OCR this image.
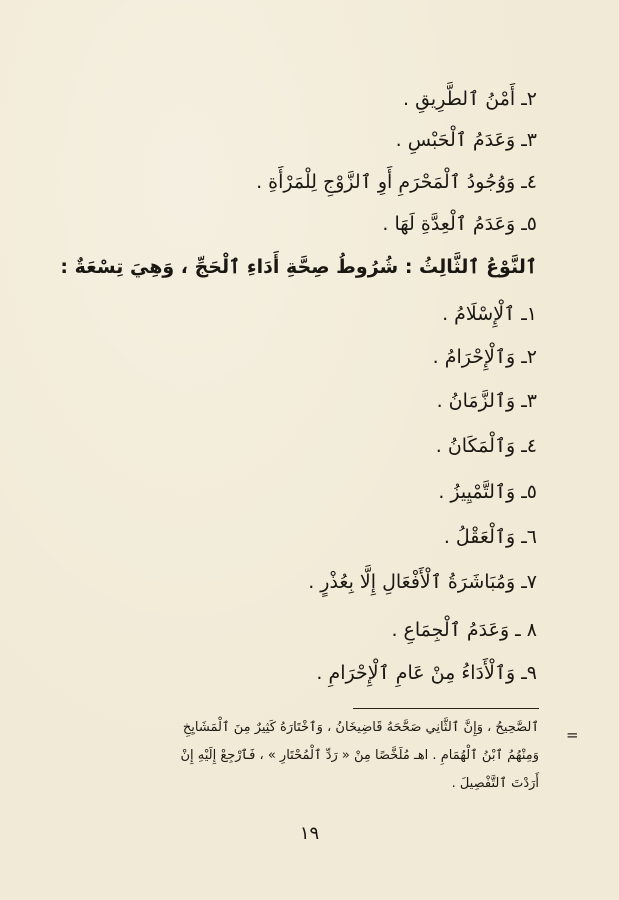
٢ـ أَمْنُ ٱلطَّرِيقِ .
٣ـ وَعَدَمُ ٱلْحَبْسِ .
٤ـ وَوُجُودُ ٱلْمَحْرَمِ أَوِ ٱلزَّوْجِ لِلْمَرْأَةِ .
٥ـ وَعَدَمُ ٱلْعِدَّةِ لَهَا .
ٱلنَّوْعُ ٱلثَّالِثُ : شُرُوطُ صِحَّةِ أَدَاءِ ٱلْحَجِّ ، وَهِيَ تِسْعَةٌ :
١ـ ٱلْإِسْلَامُ .
٢ـ وَٱلْإِحْرَامُ .
٣ـ وَٱلزَّمَانُ .
٤ـ وَٱلْمَكَانُ .
٥ـ وَٱلتَّمْيِيزُ .
٦ـ وَٱلْعَقْلُ .
٧ـ وَمُبَاشَرَةُ ٱلْأَفْعَالِ إِلَّا بِعُذْرٍ .
٨ ـ وَعَدَمُ ٱلْجِمَاعِ .
٩ـ وَٱلْأَدَاءُ مِنْ عَامِ ٱلْإِحْرَامِ .
=
ٱلصَّحِيحُ ، وَإِنَّ ٱلثَّانِي صَحَّحَهُ قَاضِيخَانُ ، وَٱخْتَارَهُ كَثِيرٌ مِنَ ٱلْمَشَايِخِ
وَمِنْهُمُ ٱبْنُ ٱلْهُمَامِ . اهـ مُلَخَّصًا مِنْ « رَدِّ ٱلْمُحْتَارِ » ، فَٱرْجِعْ إِلَيْهِ إِنْ
أَرَدْتَ ٱلتَّفْصِيلَ .
١٩
